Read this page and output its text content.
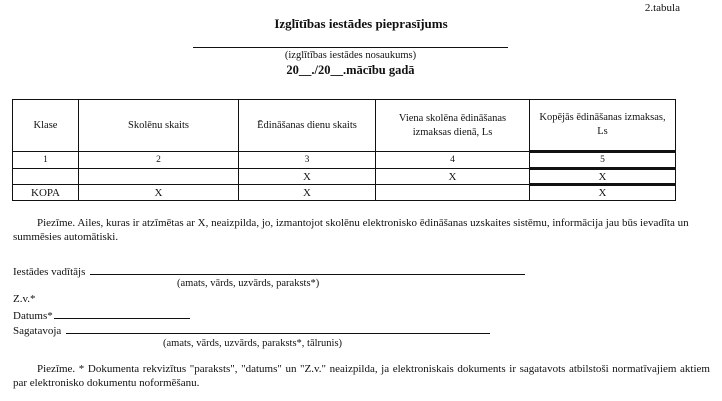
2.tabula
Izglītības iestādes pieprasījums
(izglītības iestādes nosaukums)
20__./20__.mācību gadā
Klase	Skolēnu skaits	Ēdināšanas dienu skaits	Viena skolēna ēdināšanas izmaksas dienā, Ls	Kopējās ēdināšanas izmaksas, Ls
1	2	3	4	5
		X	X	X
KOPA	X	X		X
Piezīme. Ailes, kuras ir atzīmētas ar X, neaizpilda, jo, izmantojot skolēnu elektronisko ēdināšanas uzskaites sistēmu, informācija jau būs ievadīta un summēsies automātiski.
Iestādes vadītājs
(amats, vārds, uzvārds, paraksts*)
Z.v.*
Datums*
Sagatavoja
(amats, vārds, uzvārds, paraksts*, tālrunis)
Piezīme. * Dokumenta rekvizītus "paraksts", "datums" un "Z.v." neaizpilda, ja elektroniskais dokuments ir sagatavots atbilstoši normatīvajiem aktiem par elektronisko dokumentu noformēšanu.
